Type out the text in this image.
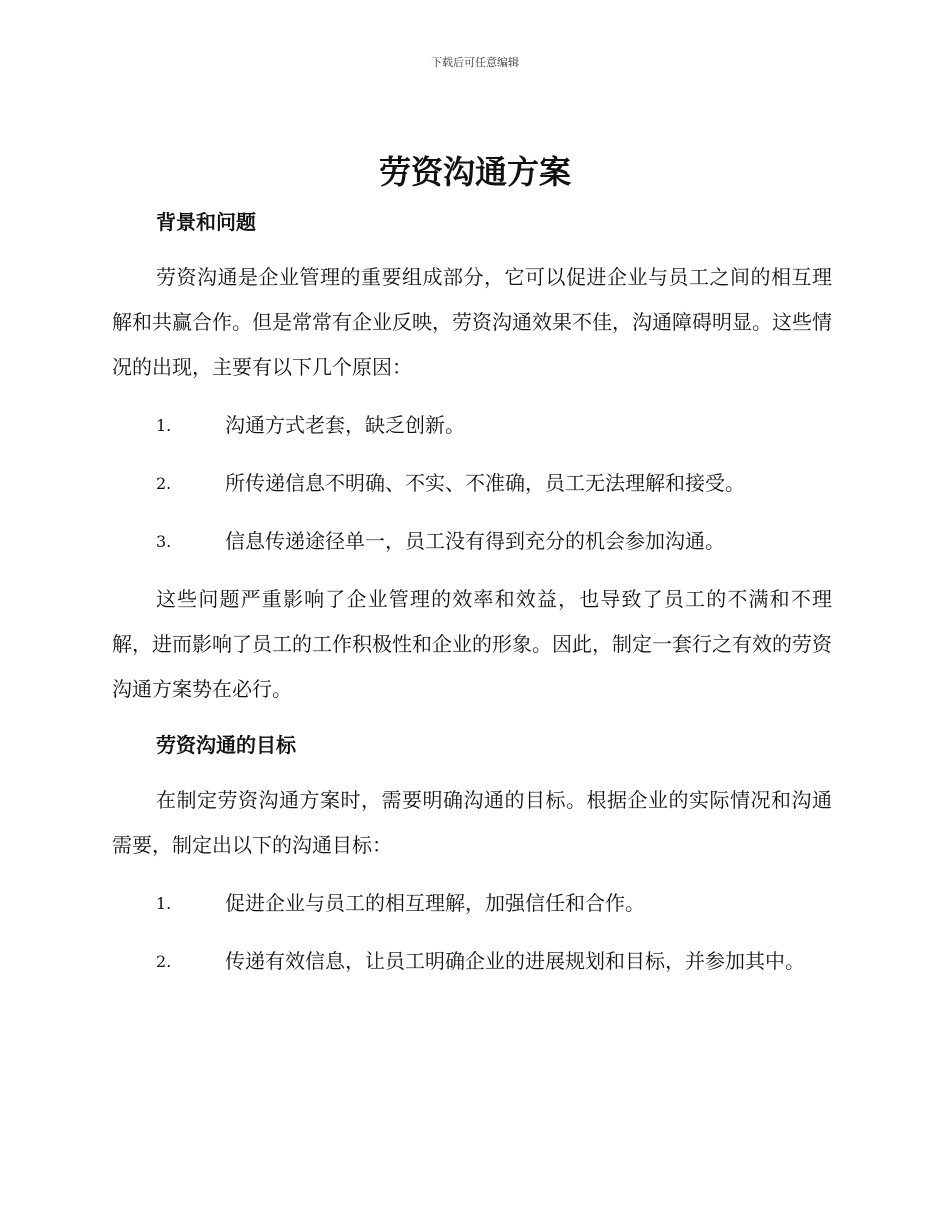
下载后可任意编辑
劳资沟通方案
背景和问题

劳资沟通是企业管理的重要组成部分，它可以促进企业与员工之间的相互理解和共赢合作。但是常常有企业反映，劳资沟通效果不佳，沟通障碍明显。这些情况的出现，主要有以下几个原因：

1.	沟通方式老套，缺乏创新。
2.	所传递信息不明确、不实、不准确，员工无法理解和接受。
3.	信息传递途径单一，员工没有得到充分的机会参加沟通。

这些问题严重影响了企业管理的效率和效益，也导致了员工的不满和不理解，进而影响了员工的工作积极性和企业的形象。因此，制定一套行之有效的劳资沟通方案势在必行。

劳资沟通的目标

在制定劳资沟通方案时，需要明确沟通的目标。根据企业的实际情况和沟通需要，制定出以下的沟通目标：

1.	促进企业与员工的相互理解，加强信任和合作。
2.	传递有效信息，让员工明确企业的进展规划和目标，并参加其中。
